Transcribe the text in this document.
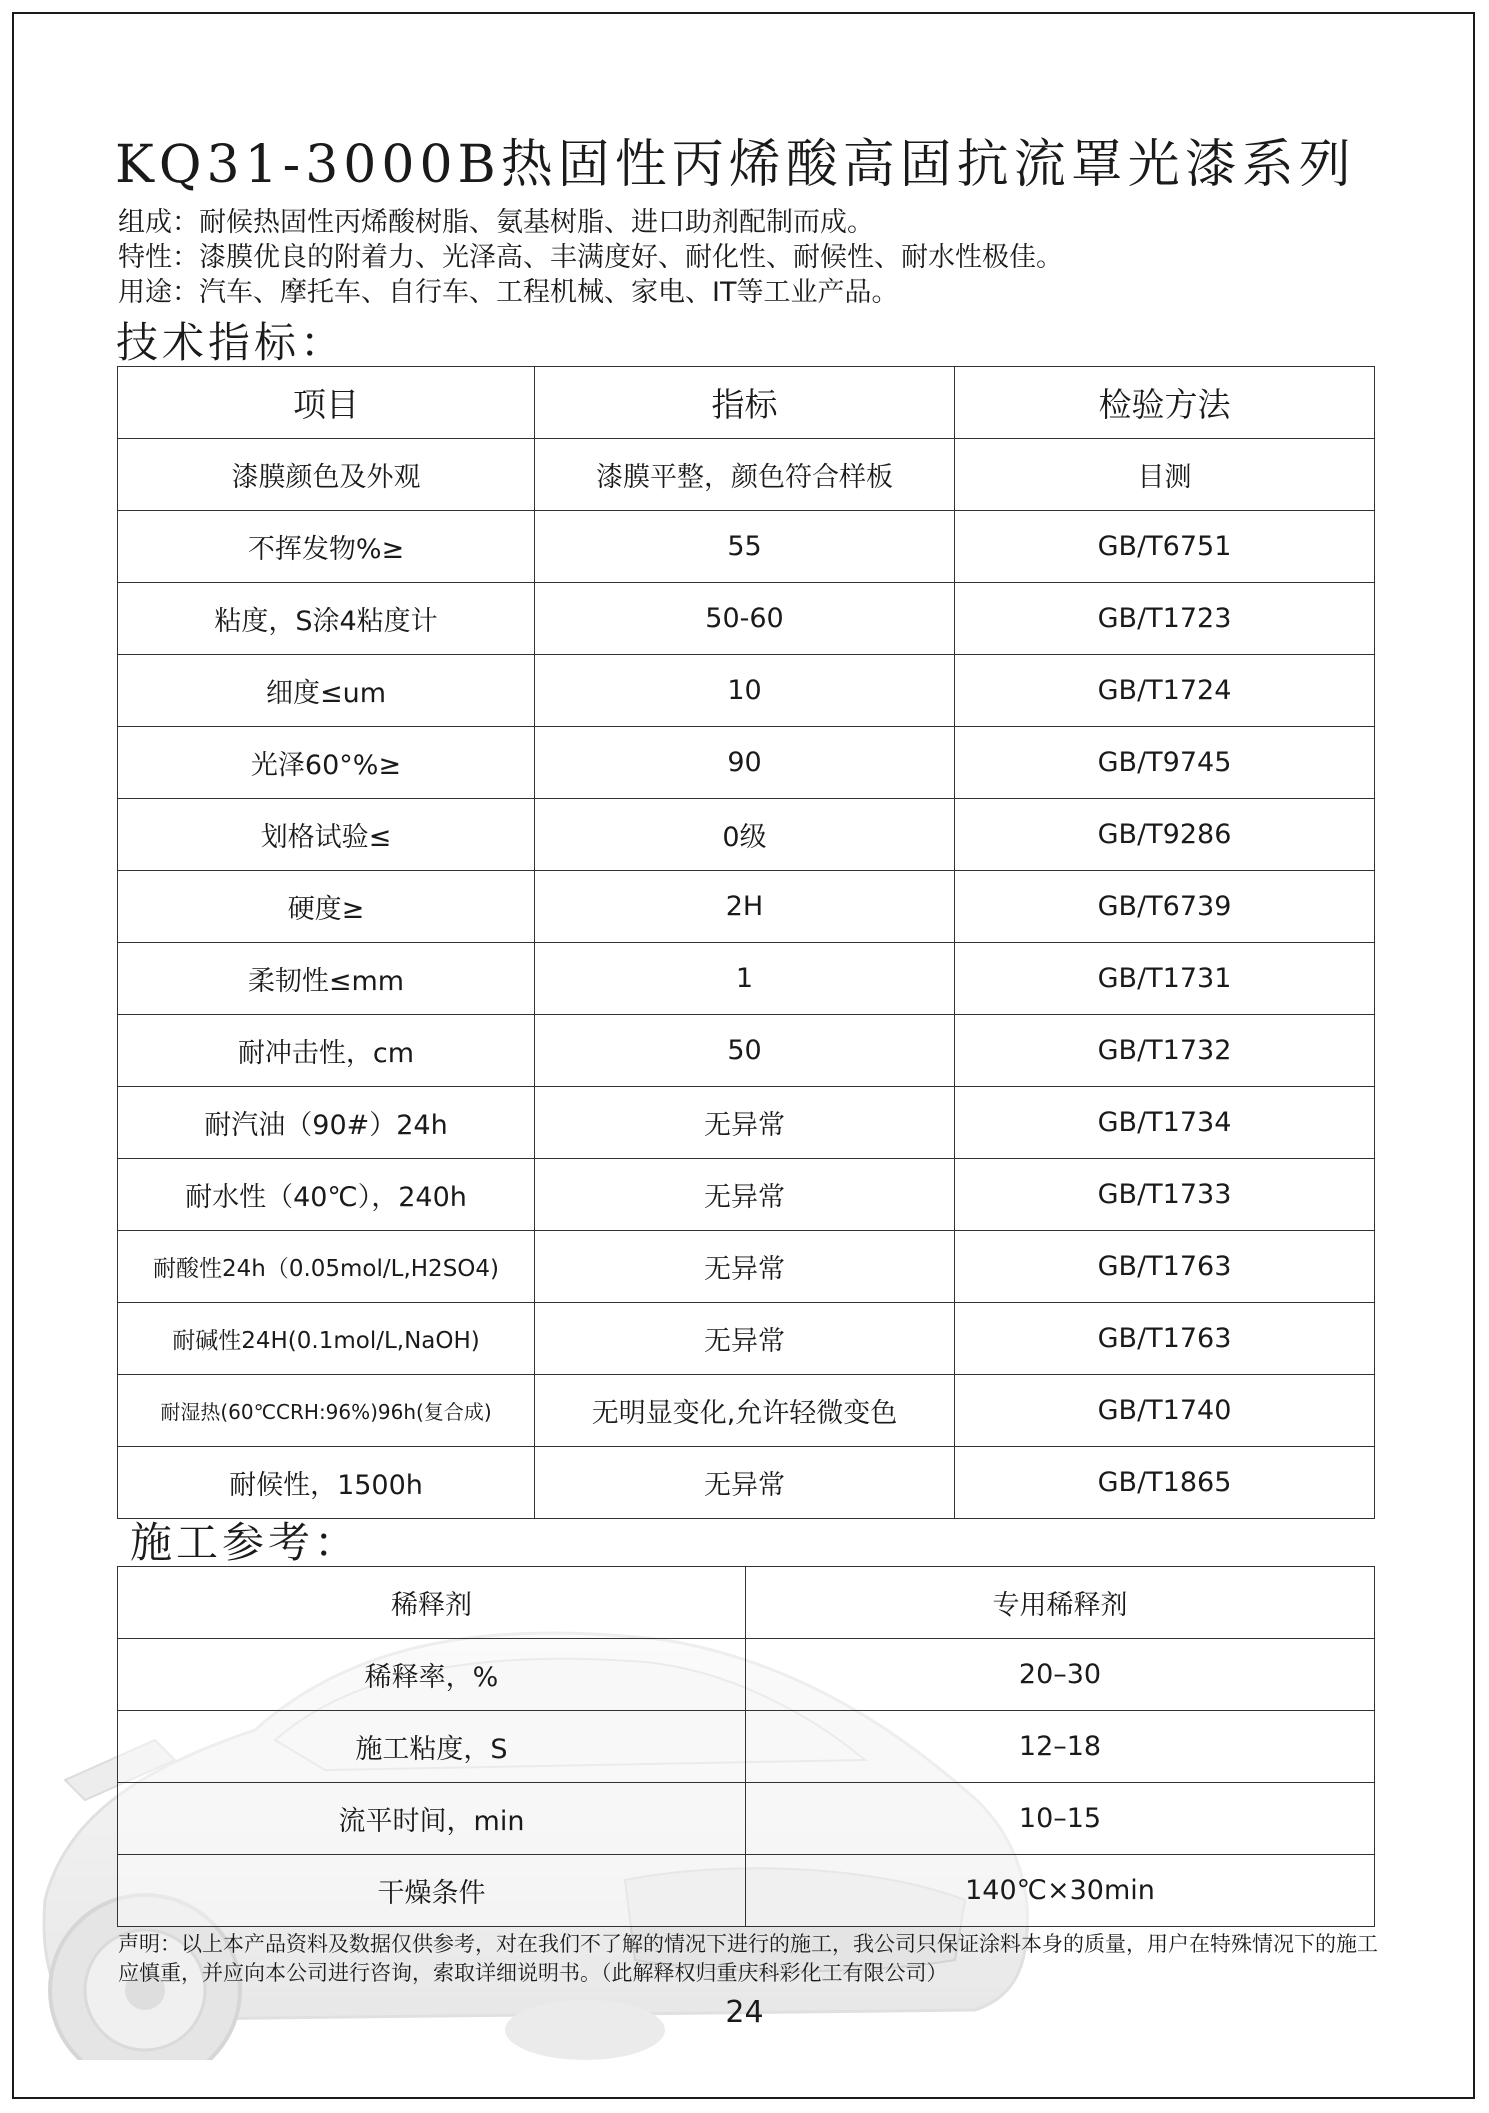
KQ31-3000B热固性丙烯酸高固抗流罩光漆系列
组成：耐候热固性丙烯酸树脂、氨基树脂、进口助剂配制而成。
特性：漆膜优良的附着力、光泽高、丰满度好、耐化性、耐候性、耐水性极佳。
用途：汽车、摩托车、自行车、工程机械、家电、IT等工业产品。
技术指标：
项目	指标	检验方法
漆膜颜色及外观	漆膜平整，颜色符合样板	目测
不挥发物%≥	55	GB/T6751
粘度，S涂4粘度计	50-60	GB/T1723
细度≤um	10	GB/T1724
光泽60°%≥	90	GB/T9745
划格试验≤	0级	GB/T9286
硬度≥	2H	GB/T6739
柔韧性≤mm	1	GB/T1731
耐冲击性，cm	50	GB/T1732
耐汽油（90#）24h	无异常	GB/T1734
耐水性（40℃），240h	无异常	GB/T1733
耐酸性24h（0.05mol/L,H2SO4)	无异常	GB/T1763
耐碱性24H(0.1mol/L,NaOH)	无异常	GB/T1763
耐湿热(60℃CRH:96%)96h(复合成)	无明显变化,允许轻微变色	GB/T1740
耐候性，1500h	无异常	GB/T1865
施工参考：
稀释剂	专用稀释剂
稀释率，%	20–30
施工粘度，S	12–18
流平时间，min	10–15
干燥条件	140℃×30min
声明：以上本产品资料及数据仅供参考，对在我们不了解的情况下进行的施工，我公司只保证涂料本身的质量，用户在特殊情况下的施工应慎重，并应向本公司进行咨询，索取详细说明书。（此解释权归重庆科彩化工有限公司）
24
